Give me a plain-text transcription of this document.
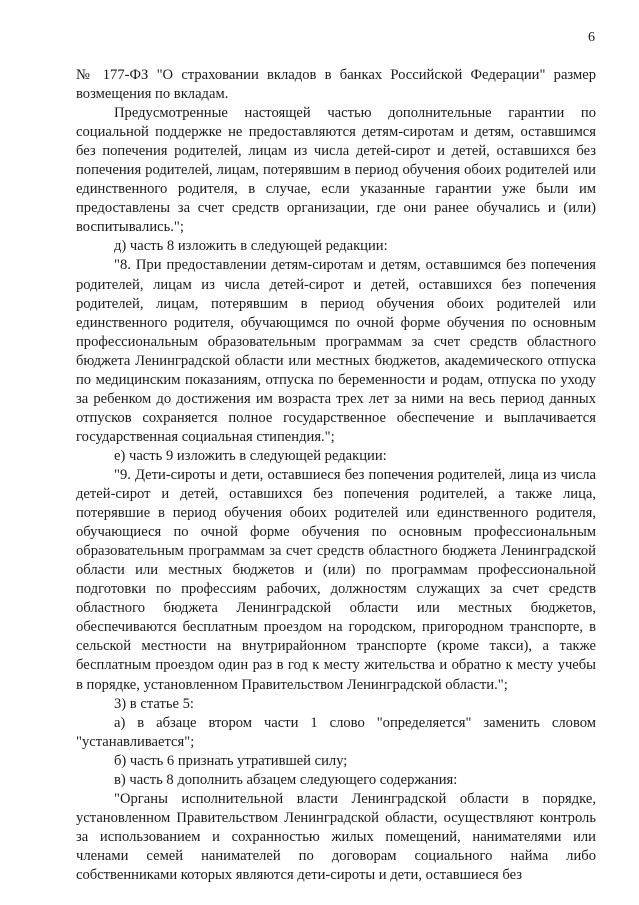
6

№ 177-ФЗ "О страховании вкладов в банках Российской Федерации" размер возмещения по вкладам.

Предусмотренные настоящей частью дополнительные гарантии по социальной поддержке не предоставляются детям-сиротам и детям, оставшимся без попечения родителей, лицам из числа детей-сирот и детей, оставшихся без попечения родителей, лицам, потерявшим в период обучения обоих родителей или единственного родителя, в случае, если указанные гарантии уже были им предоставлены за счет средств организации, где они ранее обучались и (или) воспитывались.";

д) часть 8 изложить в следующей редакции:

"8. При предоставлении детям-сиротам и детям, оставшимся без попечения родителей, лицам из числа детей-сирот и детей, оставшихся без попечения родителей, лицам, потерявшим в период обучения обоих родителей или единственного родителя, обучающимся по очной форме обучения по основным профессиональным образовательным программам за счет средств областного бюджета Ленинградской области или местных бюджетов, академического отпуска по медицинским показаниям, отпуска по беременности и родам, отпуска по уходу за ребенком до достижения им возраста трех лет за ними на весь период данных отпусков сохраняется полное государственное обеспечение и выплачивается государственная социальная стипендия.";

е) часть 9 изложить в следующей редакции:

"9. Дети-сироты и дети, оставшиеся без попечения родителей, лица из числа детей-сирот и детей, оставшихся без попечения родителей, а также лица, потерявшие в период обучения обоих родителей или единственного родителя, обучающиеся по очной форме обучения по основным профессиональным образовательным программам за счет средств областного бюджета Ленинградской области или местных бюджетов и (или) по программам профессиональной подготовки по профессиям рабочих, должностям служащих за счет средств областного бюджета Ленинградской области или местных бюджетов, обеспечиваются бесплатным проездом на городском, пригородном транспорте, в сельской местности на внутрирайонном транспорте (кроме такси), а также бесплатным проездом один раз в год к месту жительства и обратно к месту учебы в порядке, установленном Правительством Ленинградской области.";

3) в статье 5:

а) в абзаце втором части 1 слово "определяется" заменить словом "устанавливается";

б) часть 6 признать утратившей силу;

в) часть 8 дополнить абзацем следующего содержания:

"Органы исполнительной власти Ленинградской области в порядке, установленном Правительством Ленинградской области, осуществляют контроль за использованием и сохранностью жилых помещений, нанимателями или членами семей нанимателей по договорам социального найма либо собственниками которых являются дети-сироты и дети, оставшиеся без
